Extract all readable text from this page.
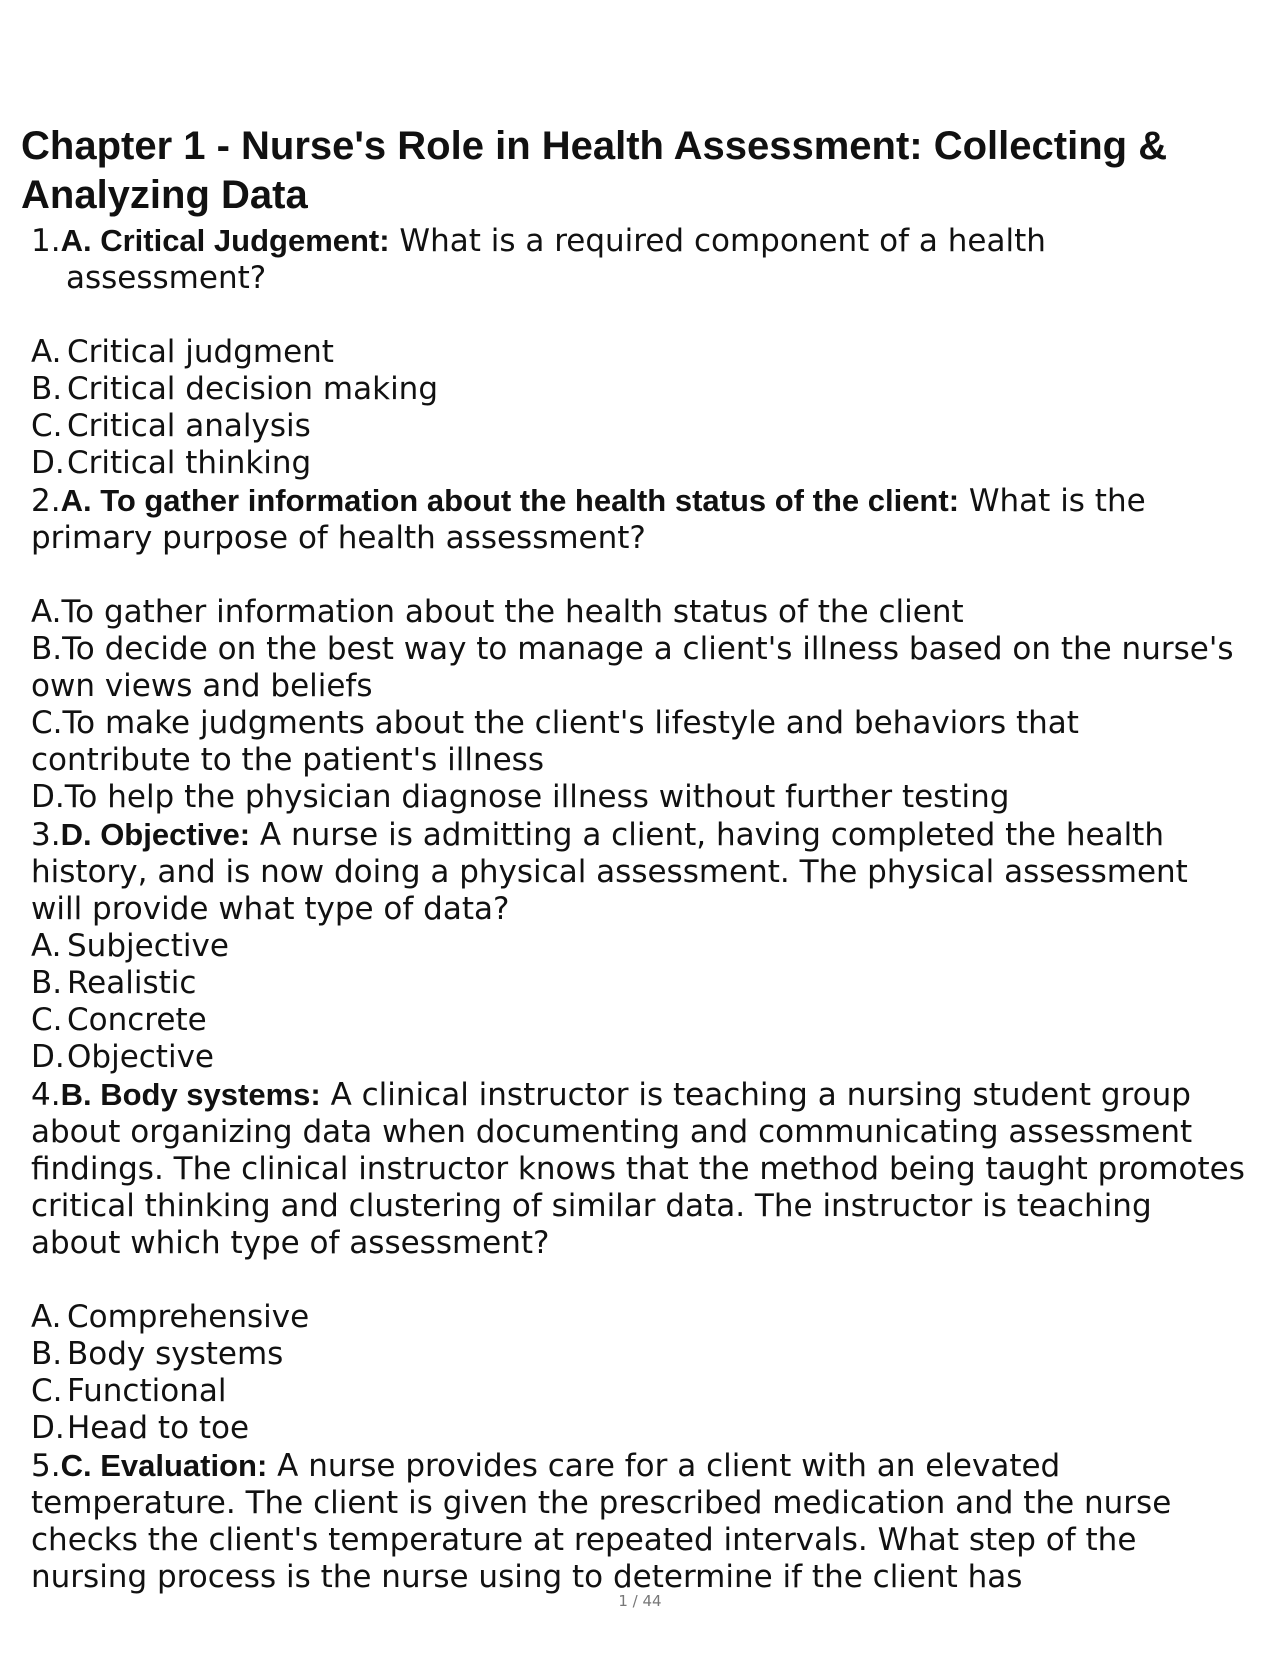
Chapter 1 - Nurse's Role in Health Assessment: Collecting & Analyzing Data

1.A. Critical Judgement: What is a required component of a health assessment?

A. Critical judgment

B. Critical decision making

C. Critical analysis

D. Critical thinking

2.A. To gather information about the health status of the client: What is the primary purpose of health assessment?

A.To gather information about the health status of the client

B.To decide on the best way to manage a client's illness based on the nurse's own views and beliefs

C.To make judgments about the client's lifestyle and behaviors that contribute to the patient's illness

D.To help the physician diagnose illness without further testing

3.D. Objective: A nurse is admitting a client, having completed the health history, and is now doing a physical assessment. The physical assessment will provide what type of data?

A. Subjective

B. Realistic

C. Concrete

D. Objective

4.B. Body systems: A clinical instructor is teaching a nursing student group about organizing data when documenting and communicating assessment findings. The clinical instructor knows that the method being taught promotes critical thinking and clustering of similar data. The instructor is teaching about which type of assessment?

A. Comprehensive

B. Body systems

C. Functional

D. Head to toe

5.C. Evaluation: A nurse provides care for a client with an elevated temperature. The client is given the prescribed medication and the nurse checks the client's temperature at repeated intervals. What step of the nursing process is the nurse using to determine if the client has

1 / 44
